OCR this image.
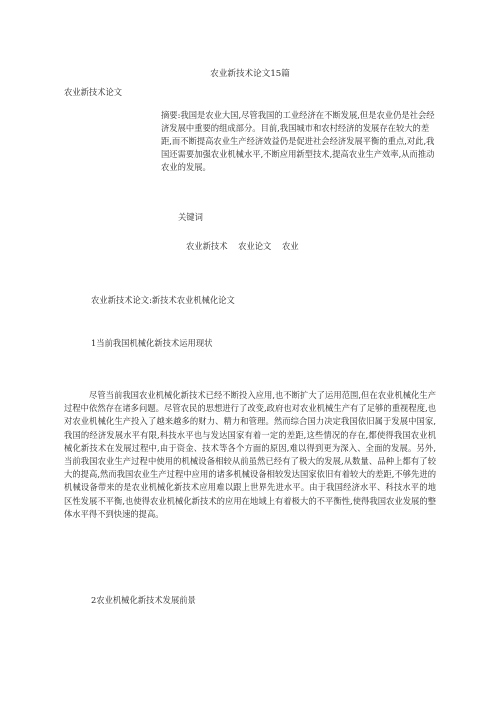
农业新技术论文15篇
农业新技术论文

摘要:我国是农业大国,尽管我国的工业经济在不断发展,但是农业仍是社会经济发展中重要的组成部分。目前,我国城市和农村经济的发展存在较大的差距,而不断提高农业生产经济效益仍是促进社会经济发展平衡的重点,对此,我国还需要加强农业机械水平,不断应用新型技术,提高农业生产效率,从而推动农业的发展。

关键词
农业新技术 农业论文 农业
农业新技术论文:新技术农业机械化论文
1当前我国机械化新技术运用现状

尽管当前我国农业机械化新技术已经不断投入应用,也不断扩大了运用范围,但在农业机械化生产过程中依然存在诸多问题。尽管农民的思想进行了改变,政府也对农业机械生产有了足够的重视程度,也对农业机械化生产投入了越来越多的财力、精力和管理。然而综合国力决定我国依旧属于发展中国家,我国的经济发展水平有限,科技水平也与发达国家有着一定的差距,这些情况的存在,都使得我国农业机械化新技术在发展过程中,由于资金、技术等各个方面的原因,难以得到更为深入、全面的发展。另外,当前我国农业生产过程中使用的机械设备相较从前虽然已经有了极大的发展,从数量、品种上都有了较大的提高,然而我国农业生产过程中应用的诸多机械设备相较发达国家依旧有着较大的差距,不够先进的机械设备带来的是农业机械化新技术应用难以跟上世界先进水平。由于我国经济水平、科技水平的地区性发展不平衡,也使得农业机械化新技术的应用在地域上有着极大的不平衡性,使得我国农业发展的整体水平得不到快速的提高。

2农业机械化新技术发展前景
